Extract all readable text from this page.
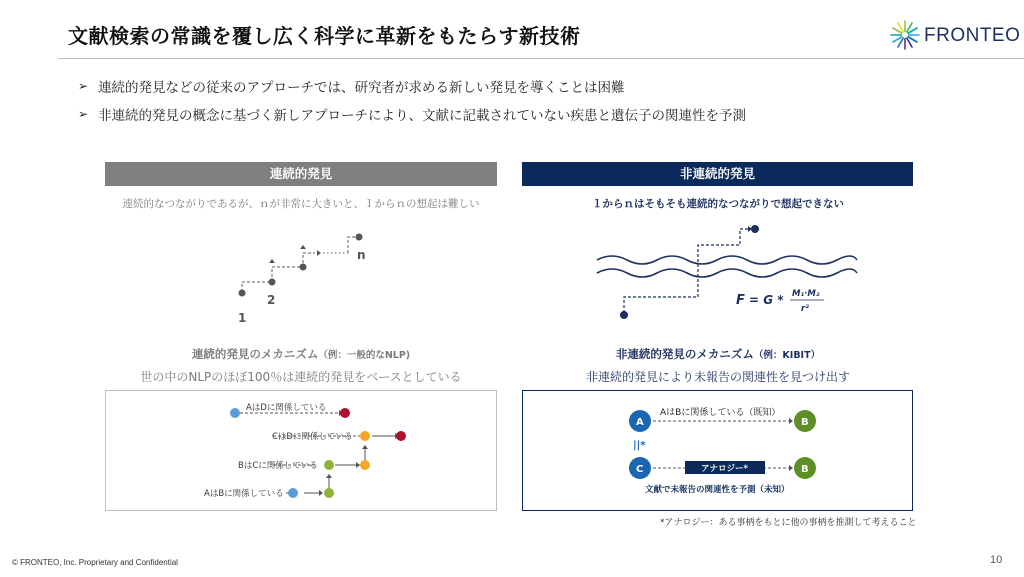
文献検索の常識を覆し広く科学に革新をもたらす新技術	FRONTEO
➢ 連続的発見などの従来のアプローチでは、研究者が求める新しい発見を導くことは困難
➢ 非連続的発見の概念に基づく新しアプローチにより、文献に記載されていない疾患と遺伝子の関連性を予測
連続的発見
連続的なつながりであるが、ｎが非常に大きいと、１からｎの想起は難しい
1
2
n
連続的発見のメカニズム（例：一般的なNLP)
世の中のNLPのほぼ100％は連続的発見をベースとしている
AはDに関係している
CはDに関係している
BはCに関係している
AはBに関係している
非連続的発見
１からｎはそもそも連続的なつながりで想起できない
F = G * M₁·M₂
r²
非連続的発見のメカニズム（例：KIBIT）
非連続的発見により未報告の関連性を見つけ出す
A	B
C	B
||*
AはBに関係している（既知）
アナロジー*
文献で未報告の関連性を予測（未知）
*アナロジー：ある事柄をもとに他の事柄を推測して考えること
© FRONTEO, Inc. Proprietary and Confidential	10
